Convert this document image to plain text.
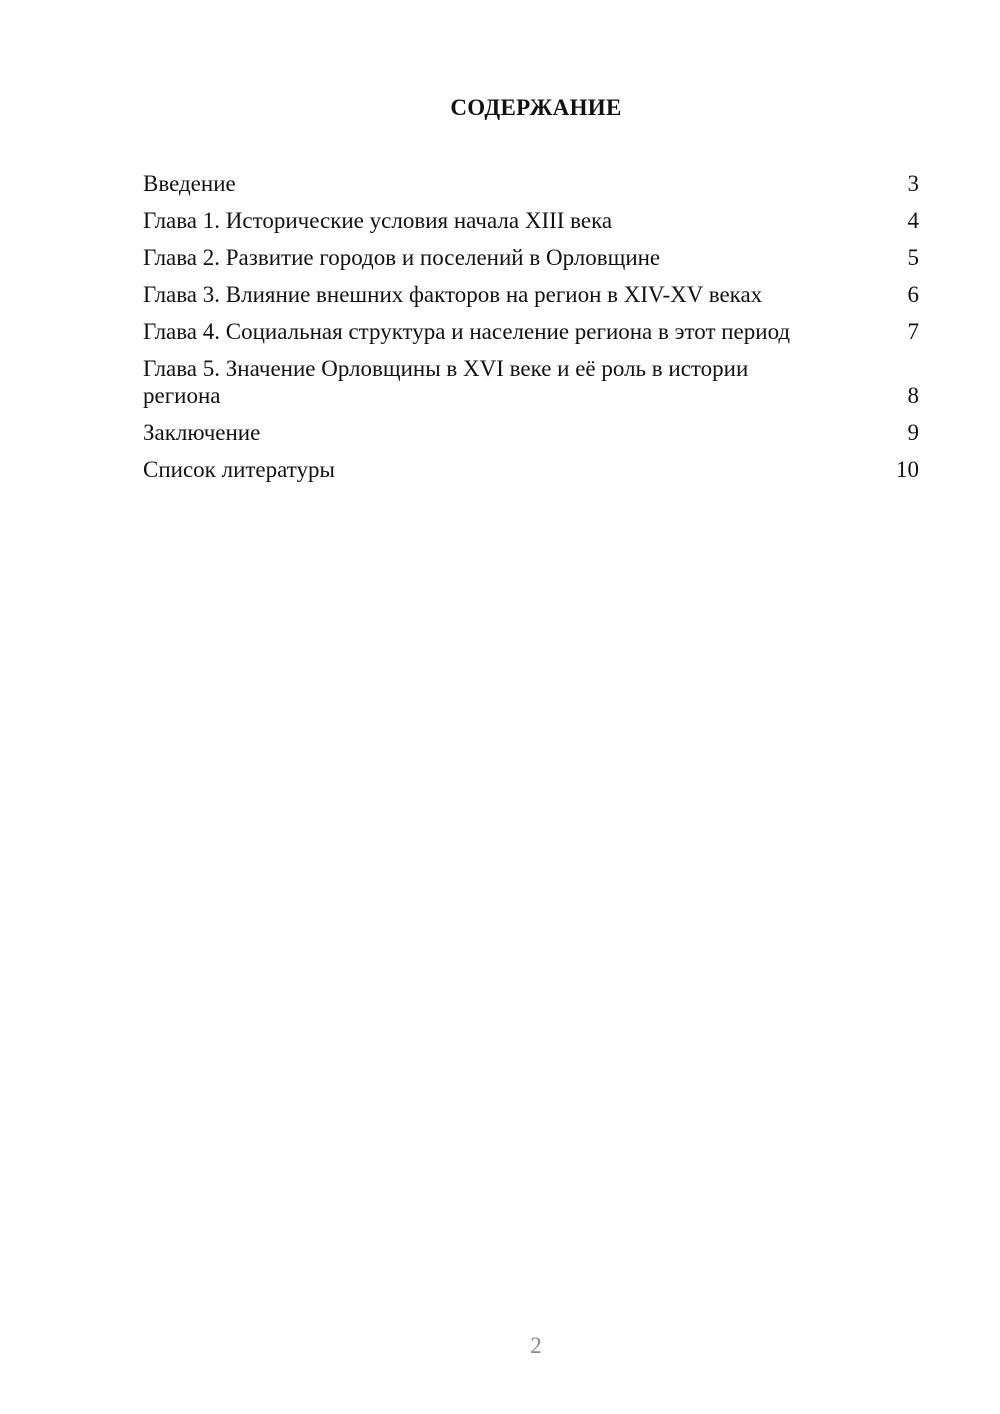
СОДЕРЖАНИЕ
Введение	3
Глава 1. Исторические условия начала XIII века	4
Глава 2. Развитие городов и поселений в Орловщине	5
Глава 3. Влияние внешних факторов на регион в XIV-XV веках	6
Глава 4. Социальная структура и население региона в этот период	7
Глава 5. Значение Орловщины в XVI веке и её роль в истории региона	8
Заключение	9
Список литературы	10
2
